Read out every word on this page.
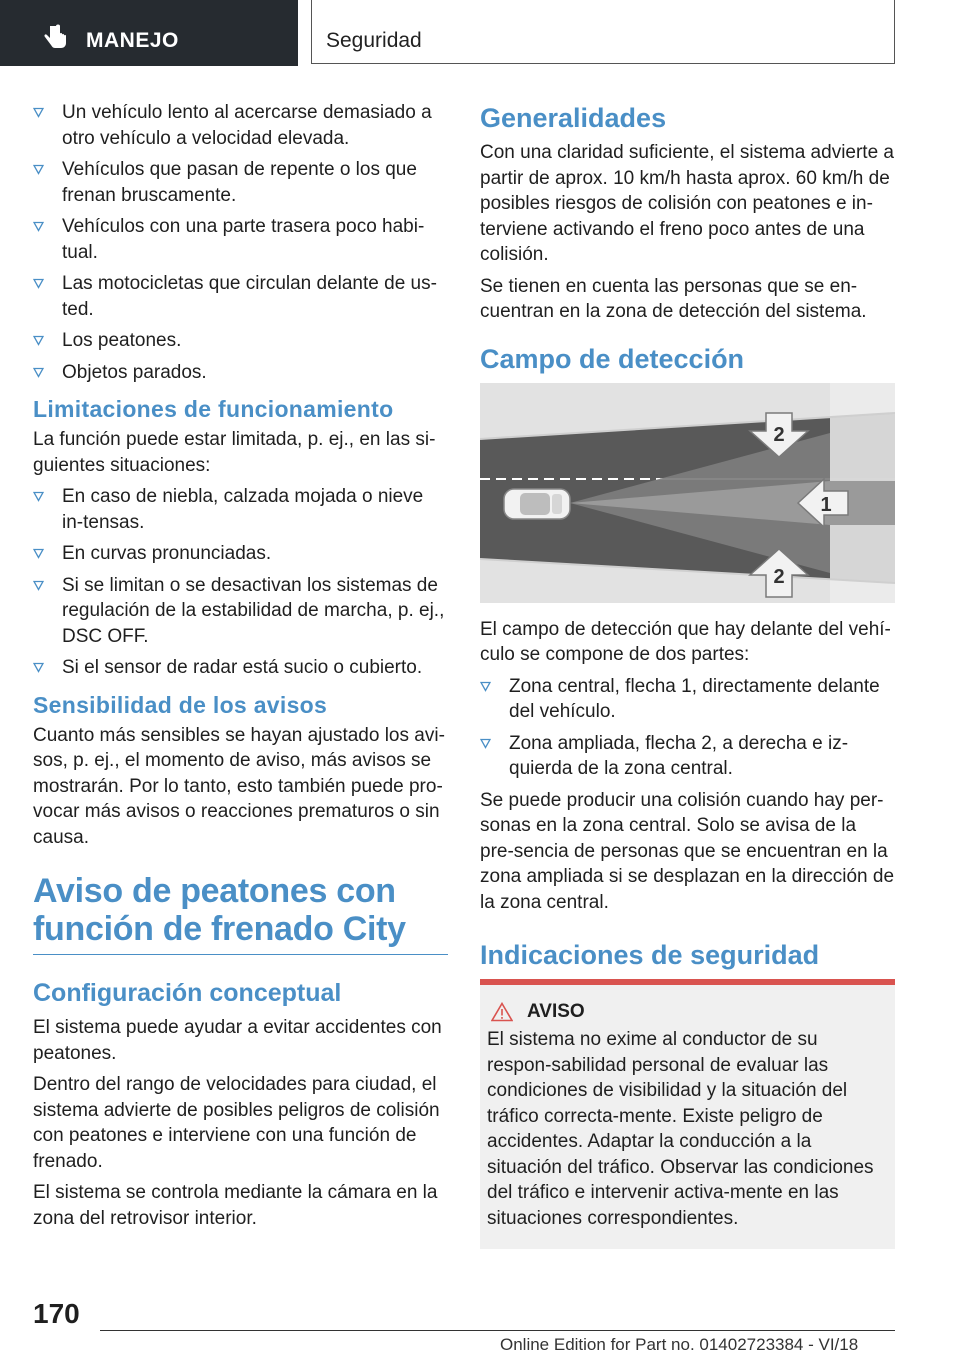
MANEJO	Seguridad
Un vehículo lento al acercarse demasiado a otro vehículo a velocidad elevada.
Vehículos que pasan de repente o los que frenan bruscamente.
Vehículos con una parte trasera poco habi‐tual.
Las motocicletas que circulan delante de us‐ted.
Los peatones.
Objetos parados.
Limitaciones de funcionamiento

La función puede estar limitada, p. ej., en las si‐guientes situaciones:

En caso de niebla, calzada mojada o nieve in‐tensas.
En curvas pronunciadas.
Si se limitan o se desactivan los sistemas de regulación de la estabilidad de marcha, p. ej., DSC OFF.
Si el sensor de radar está sucio o cubierto.
Sensibilidad de los avisos

Cuanto más sensibles se hayan ajustado los avi‐sos, p. ej., el momento de aviso, más avisos se mostrarán. Por lo tanto, esto también puede pro‐vocar más avisos o reacciones prematuros o sin causa.

Aviso de peatones con función de frenado City
Configuración conceptual

El sistema puede ayudar a evitar accidentes con peatones.

Dentro del rango de velocidades para ciudad, el sistema advierte de posibles peligros de colisión con peatones e interviene con una función de frenado.

El sistema se controla mediante la cámara en la zona del retrovisor interior.

Generalidades

Con una claridad suficiente, el sistema advierte a partir de aprox. 10 km/h hasta aprox. 60 km/h de posibles riesgos de colisión con peatones e in‐terviene activando el freno poco antes de una colisión.

Se tienen en cuenta las personas que se en‐cuentran en la zona de detección del sistema.

Campo de detección
2
1
2

El campo de detección que hay delante del vehí‐culo se compone de dos partes:

Zona central, flecha 1, directamente delante del vehículo.
Zona ampliada, flecha 2, a derecha e iz‐quierda de la zona central.

Se puede producir una colisión cuando hay per‐sonas en la zona central. Solo se avisa de la pre‐sencia de personas que se encuentran en la zona ampliada si se desplazan en la dirección de la zona central.

Indicaciones de seguridad
AVISO

El sistema no exime al conductor de su respon‐sabilidad personal de evaluar las condiciones de visibilidad y la situación del tráfico correcta‐mente. Existe peligro de accidentes. Adaptar la conducción a la situación del tráfico. Observar las condiciones del tráfico e intervenir activa‐mente en las situaciones correspondientes.

170
Online Edition for Part no. 01402723384 - VI/18
